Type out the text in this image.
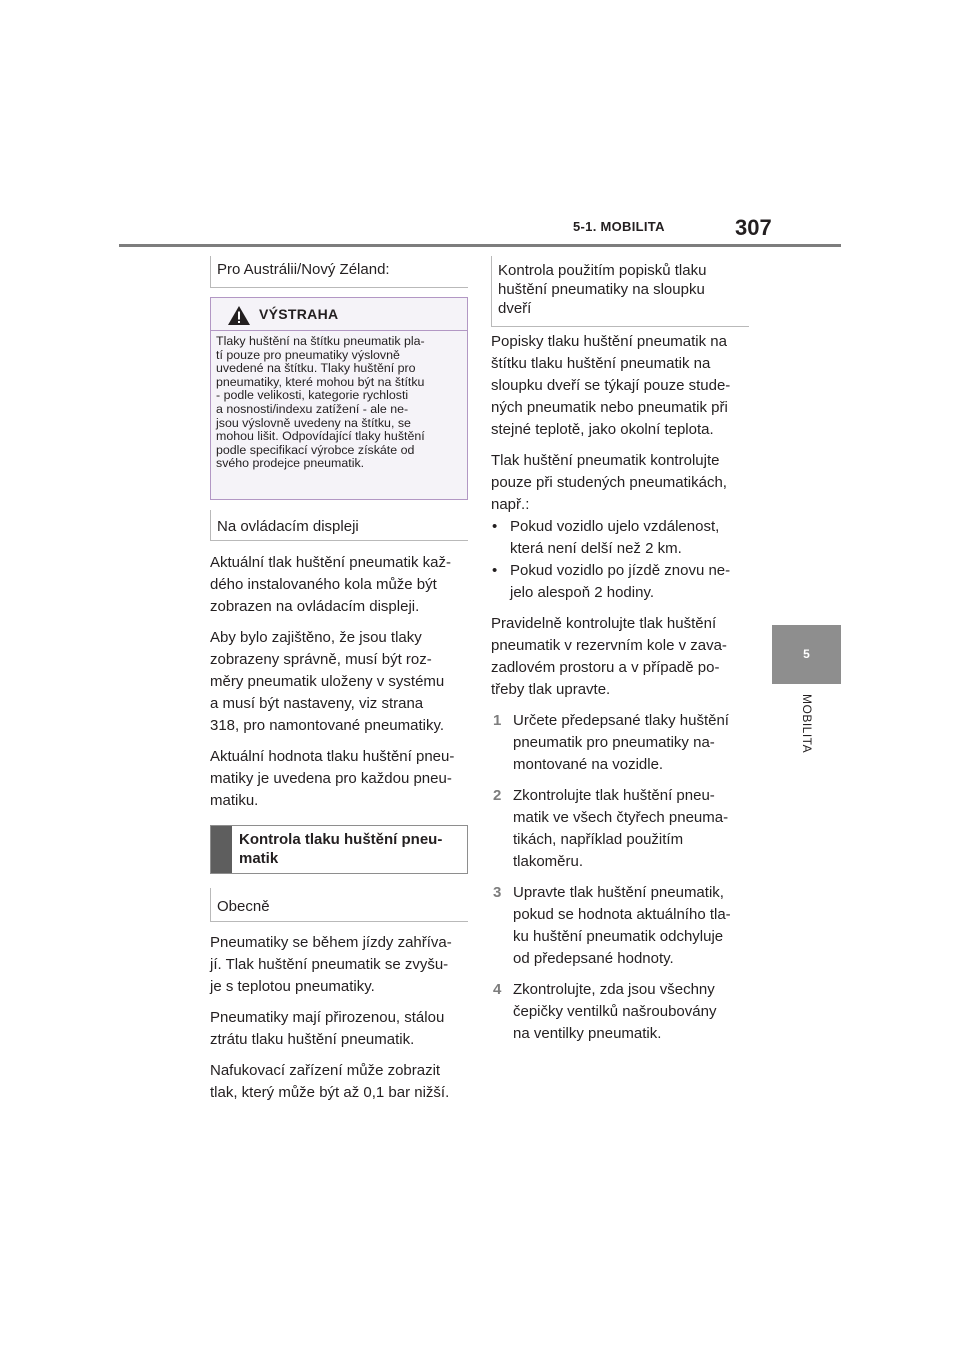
5-1. MOBILITA	307
5
MOBILITA
Pro Austrálii/Nový Zéland:
VÝSTRAHA
Tlaky huštění na štítku pneumatik pla-
tí pouze pro pneumatiky výslovně
uvedené na štítku. Tlaky huštění pro
pneumatiky, které mohou být na štítku
- podle velikosti, kategorie rychlosti
a nosnosti/indexu zatížení - ale ne-
jsou výslovně uvedeny na štítku, se
mohou lišit. Odpovídající tlaky huštění
podle specifikací výrobce získáte od
svého prodejce pneumatik.
Na ovládacím displeji

Aktuální tlak huštění pneumatik kaž-
dého instalovaného kola může být
zobrazen na ovládacím displeji.

Aby bylo zajištěno, že jsou tlaky
zobrazeny správně, musí být roz-
měry pneumatik uloženy v systému
a musí být nastaveny, viz strana
318, pro namontované pneumatiky.

Aktuální hodnota tlaku huštění pneu-
matiky je uvedena pro každou pneu-
matiku.

Kontrola tlaku huštění pneu-
matik
Obecně

Pneumatiky se během jízdy zahříva-
jí. Tlak huštění pneumatik se zvyšu-
je s teplotou pneumatiky.

Pneumatiky mají přirozenou, stálou
ztrátu tlaku huštění pneumatik.

Nafukovací zařízení může zobrazit
tlak, který může být až 0,1 bar nižší.

Kontrola použitím popisků tlaku
huštění pneumatiky na sloupku
dveří

Popisky tlaku huštění pneumatik na
štítku tlaku huštění pneumatik na
sloupku dveří se týkají pouze stude-
ných pneumatik nebo pneumatik při
stejné teplotě, jako okolní teplota.

Tlak huštění pneumatik kontrolujte
pouze při studených pneumatikách,
např.:

• Pokud vozidlo ujelo vzdálenost,
která není delší než 2 km.
• Pokud vozidlo po jízdě znovu ne-
jelo alespoň 2 hodiny.

Pravidelně kontrolujte tlak huštění
pneumatik v rezervním kole v zava-
zadlovém prostoru a v případě po-
třeby tlak upravte.

1 Určete předepsané tlaky huštění
pneumatik pro pneumatiky na-
montované na vozidle.
2 Zkontrolujte tlak huštění pneu-
matik ve všech čtyřech pneuma-
tikách, například použitím
tlakoměru.
3 Upravte tlak huštění pneumatik,
pokud se hodnota aktuálního tla-
ku huštění pneumatik odchyluje
od předepsané hodnoty.
4 Zkontrolujte, zda jsou všechny
čepičky ventilků našroubovány
na ventilky pneumatik.
